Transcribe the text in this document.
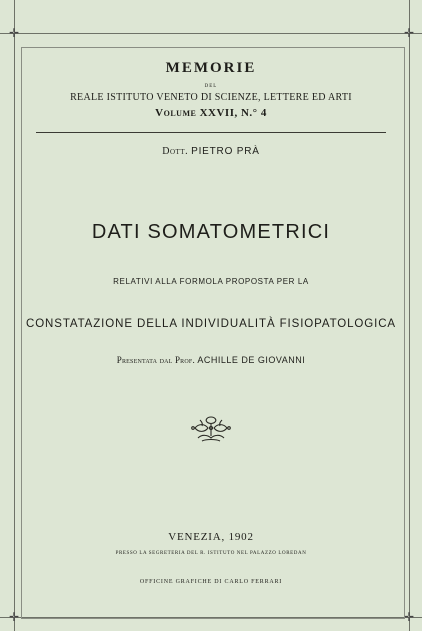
✛	✛
✛	✛
MEMORIE
DEL
REALE ISTITUTO VENETO DI SCIENZE, LETTERE ED ARTI
Volume XXVII, N.° 4
Dott. PIETRO PRÀ
DATI SOMATOMETRICI
RELATIVI ALLA FORMOLA PROPOSTA PER LA
CONSTATAZIONE DELLA INDIVIDUALITÀ FISIOPATOLOGICA
Presentata dal Prof. ACHILLE DE GIOVANNI
VENEZIA, 1902
PRESSO LA SEGRETERIA DEL R. ISTITUTO NEL PALAZZO LOREDAN
OFFICINE GRAFICHE DI CARLO FERRARI
